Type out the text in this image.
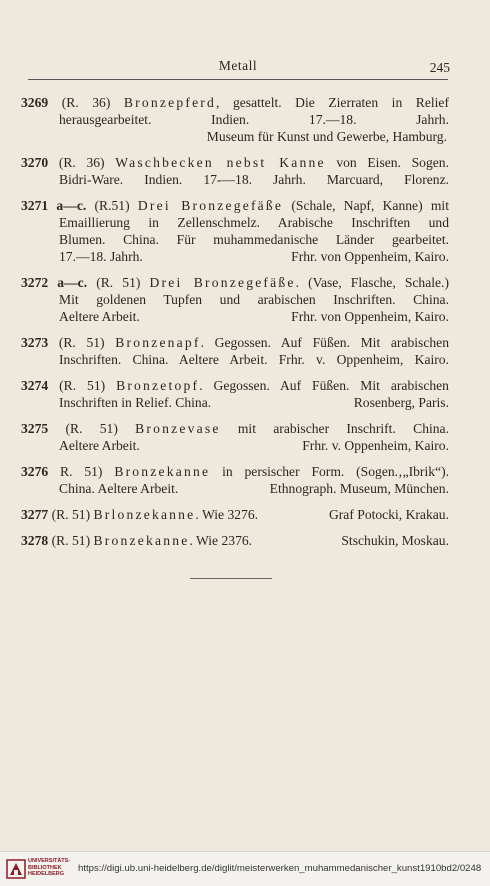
Metall	245
3269 (R. 36) Bronzepferd, gesattelt. Die Zierraten in Relief
herausgearbeitet. Indien. 17.—18. Jahrh.
Museum für Kunst und Gewerbe, Hamburg.
3270 (R. 36) Waschbecken nebst Kanne von Eisen. Sogen.
Bidri-Ware. Indien. 17-—18. Jahrh. Marcuard, Florenz.
3271 a—c. (R.51) Drei Bronzegefäße (Schale, Napf, Kanne) mit
Emaillierung in Zellenschmelz. Arabische Inschriften und
Blumen. China. Für muhammedanische Länder gearbeitet.
17.—18. Jahrh.	Frhr. von Oppenheim, Kairo.
3272 a—c. (R. 51) Drei Bronzegefäße. (Vase, Flasche, Schale.)
Mit goldenen Tupfen und arabischen Inschriften. China.
Aeltere Arbeit.	Frhr. von Oppenheim, Kairo.
3273 (R. 51) Bronzenapf. Gegossen. Auf Füßen. Mit arabischen
Inschriften. China. Aeltere Arbeit. Frhr. v. Oppenheim, Kairo.
3274 (R. 51) Bronzetopf. Gegossen. Auf Füßen. Mit arabischen
Inschriften in Relief. China.	Rosenberg, Paris.
3275 (R. 51) Bronzevase mit arabischer Inschrift. China.
Aeltere Arbeit.	Frhr. v. Oppenheim, Kairo.
3276 R. 51) Bronzekanne in persischer Form. (Sogen.‚„Ibrik“).
China. Aeltere Arbeit.	Ethnograph. Museum, München.
3277 (R. 51) Brlonzekanne. Wie 3276.	Graf Potocki, Krakau.
3278 (R. 51) Bronzekanne. Wie 2376.	Stschukin, Moskau.
UNIVERSITÄTS-
BIBLIOTHEK
HEIDELBERG	https://digi.ub.uni-heidelberg.de/diglit/meisterwerken_muhammedanischer_kunst1910bd2/0248
